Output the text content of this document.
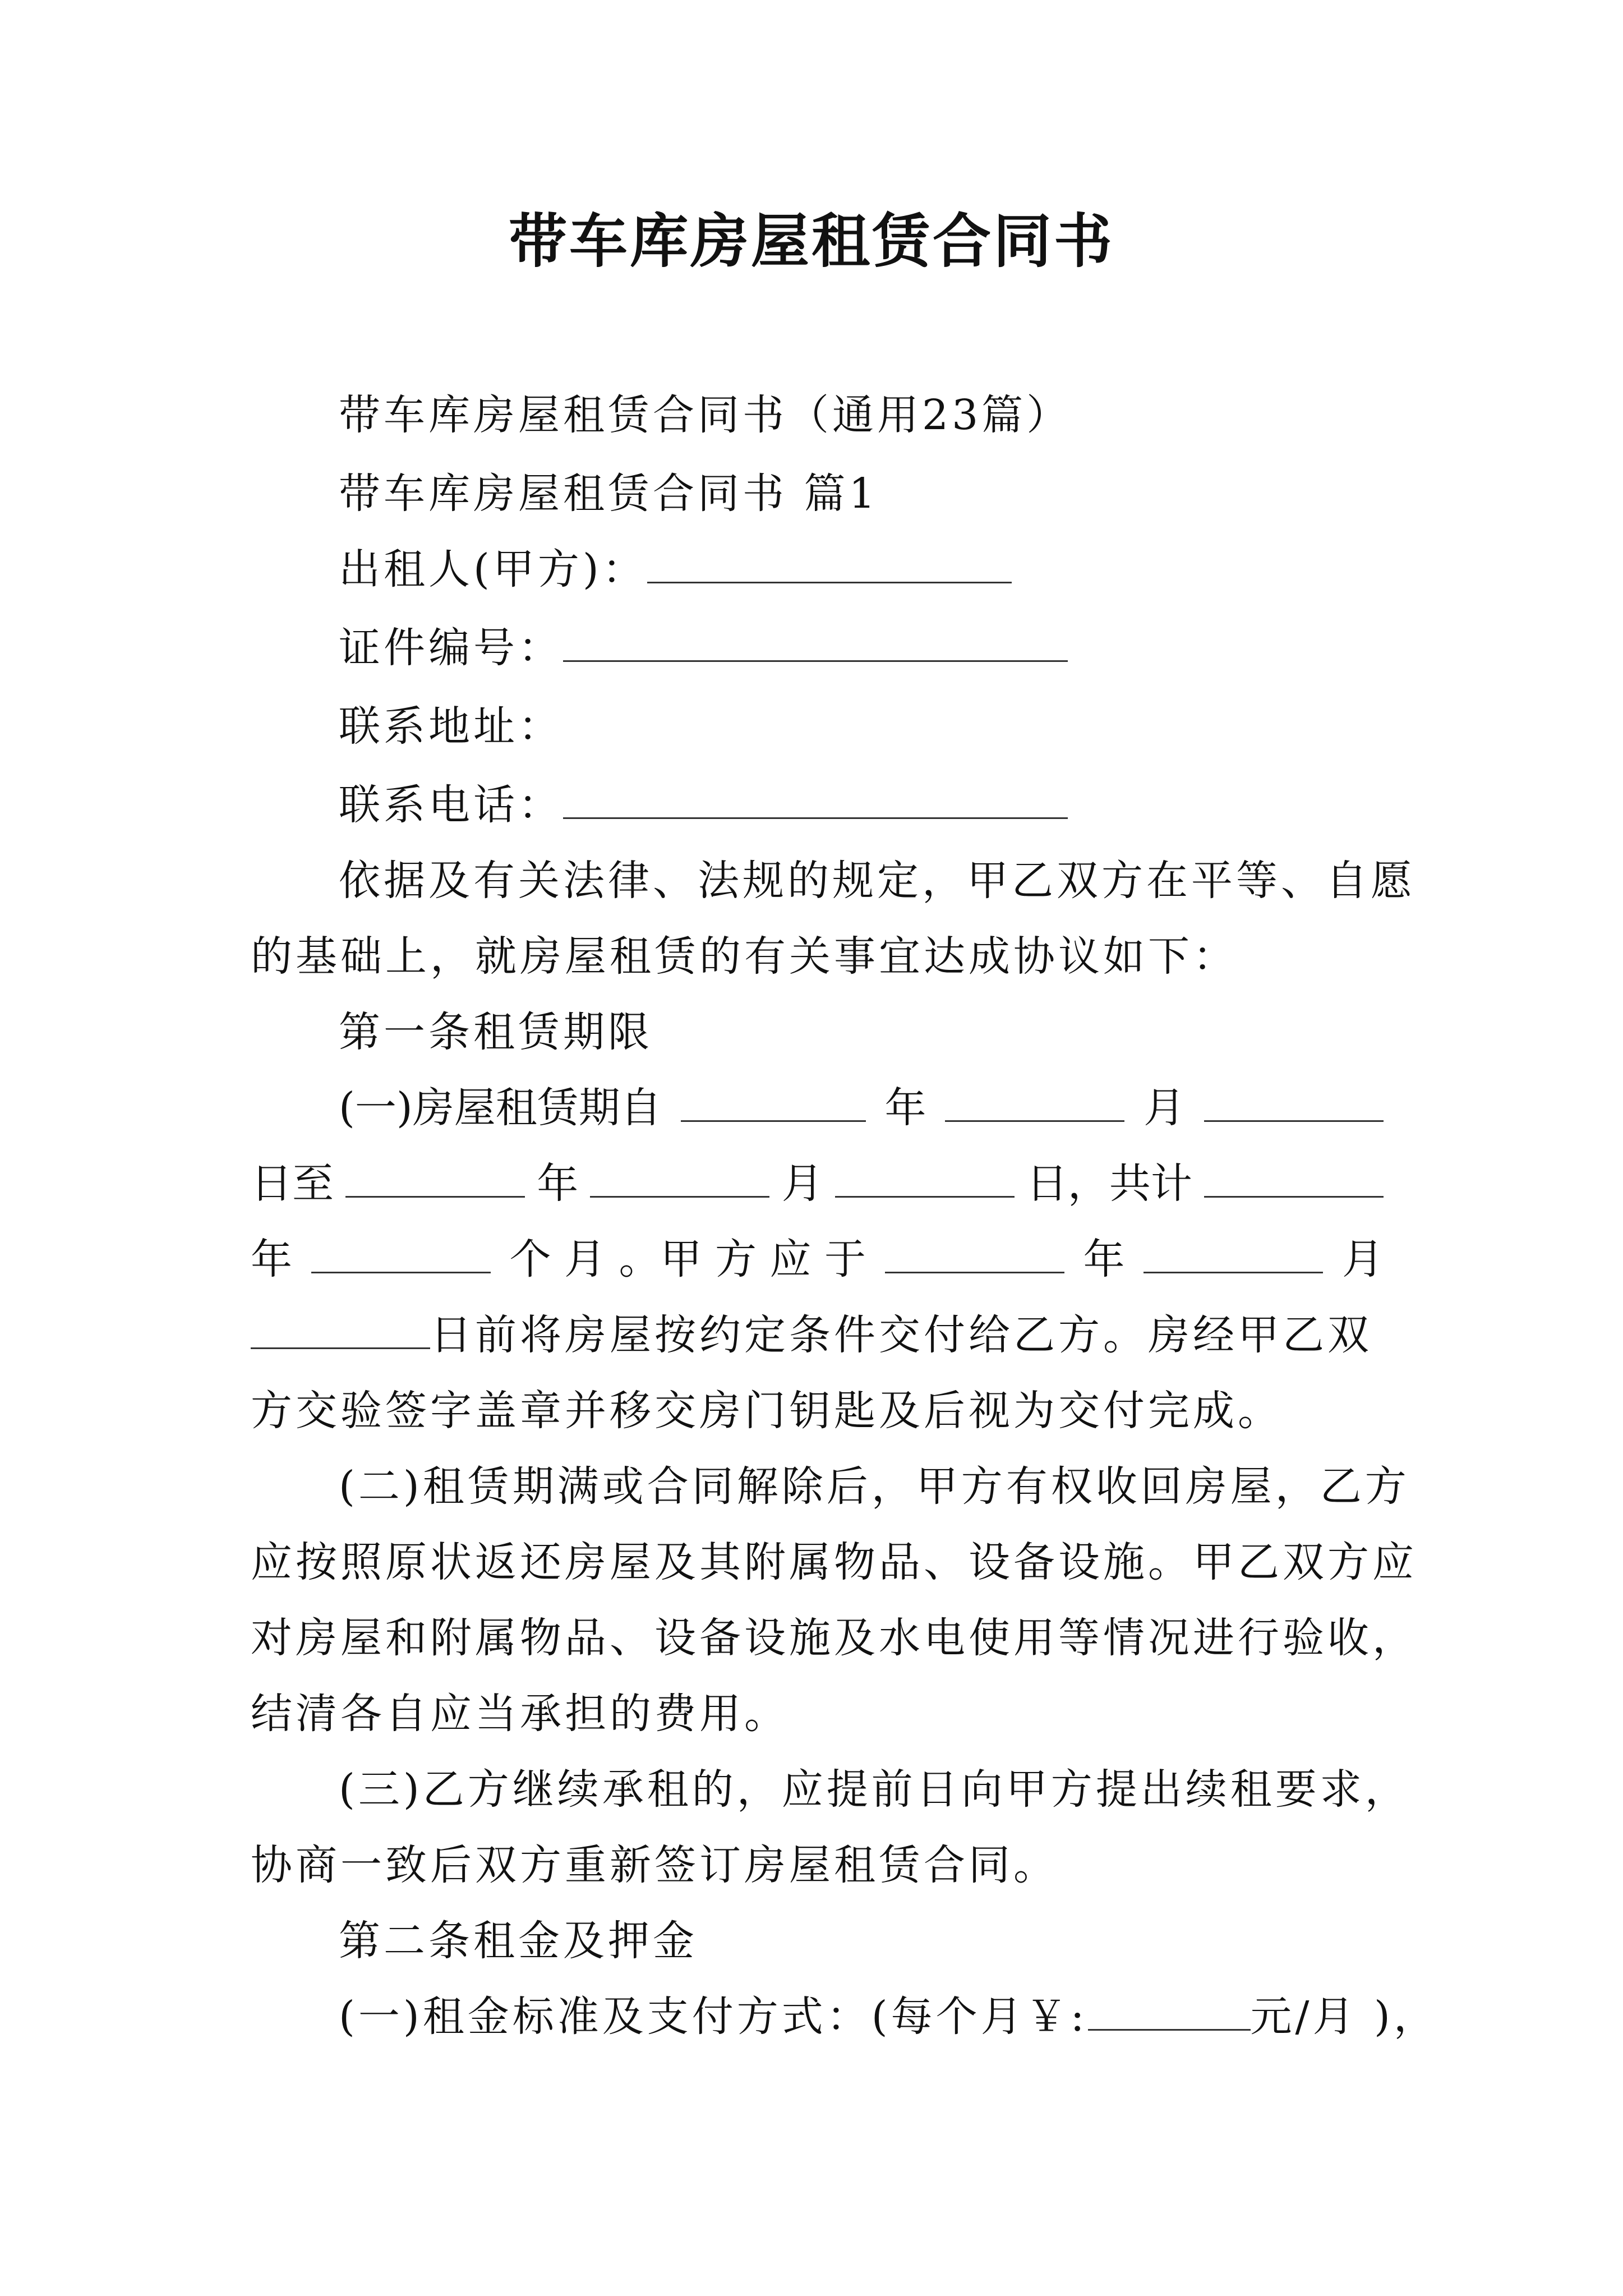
带车库房屋租赁合同书
带车库房屋租赁合同书（通用23篇）
带车库房屋租赁合同书 篇1
出租人(甲方)：
证件编号：
联系地址：
联系电话：
依据及有关法律、法规的规定，甲乙双方在平等、自愿
的基础上，就房屋租赁的有关事宜达成协议如下：
第一条租赁期限
(一)房屋租赁期自	年	月
日至	年	月	日，共计
年	个 月 。甲 方 应 于	年	月
日前将房屋按约定条件交付给乙方。房经甲乙双
方交验签字盖章并移交房门钥匙及后视为交付完成。
(二)租赁期满或合同解除后，甲方有权收回房屋，乙方
应按照原状返还房屋及其附属物品、设备设施。甲乙双方应
对房屋和附属物品、设备设施及水电使用等情况进行验收，
结清各自应当承担的费用。
(三)乙方继续承租的，应提前日向甲方提出续租要求，
协商一致后双方重新签订房屋租赁合同。
第二条租金及押金
(一)租金标准及支付方式：(每个月￥:	元/月 )，
